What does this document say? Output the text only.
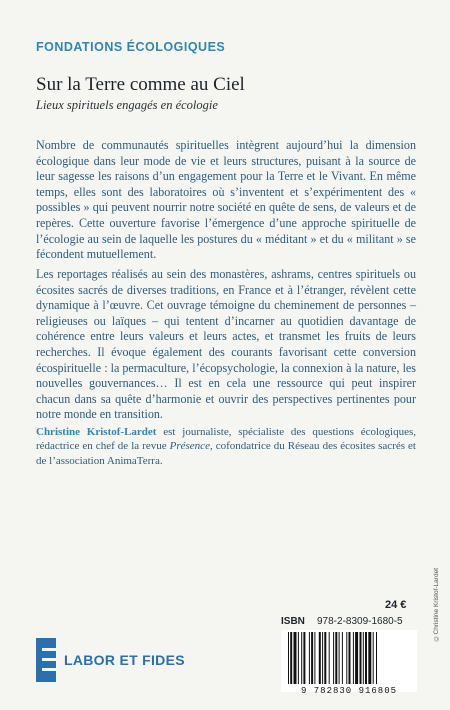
FONDATIONS ÉCOLOGIQUES
Sur la Terre comme au Ciel
Lieux spirituels engagés en écologie
Nombre de communautés spirituelles intègrent aujourd’hui la dimension écologique dans leur mode de vie et leurs structures, puisant à la source de leur sagesse les raisons d’un engagement pour la Terre et le Vivant. En même temps, elles sont des laboratoires où s’inventent et s’expérimentent des « possibles » qui peuvent nourrir notre société en quête de sens, de valeurs et de repères. Cette ouverture favorise l’émergence d’une approche spirituelle de l’écologie au sein de laquelle les postures du « méditant » et du « militant » se fécondent mutuellement.
Les reportages réalisés au sein des monastères, ashrams, centres spirituels ou écosites sacrés de diverses traditions, en France et à l’étranger, révèlent cette dynamique à l’œuvre. Cet ouvrage témoigne du cheminement de personnes – religieuses ou laïques – qui tentent d’incarner au quotidien davantage de cohérence entre leurs valeurs et leurs actes, et transmet les fruits de leurs recherches. Il évoque également des courants favorisant cette conversion écospirituelle : la permaculture, l’écopsychologie, la connexion à la nature, les nouvelles gouvernances… Il est en cela une ressource qui peut inspirer chacun dans sa quête d’harmonie et ouvrir des perspectives pertinentes pour notre monde en transition.
Christine Kristof-Lardet est journaliste, spécialiste des questions écologiques, rédactrice en chef de la revue Présence, cofondatrice du Réseau des écosites sacrés et de l’association AnimaTerra.
©Christine Kristof-Lardet
24 €
ISBN 978-2-8309-1680-5
9 782830 916805
LABOR ET FIDES
